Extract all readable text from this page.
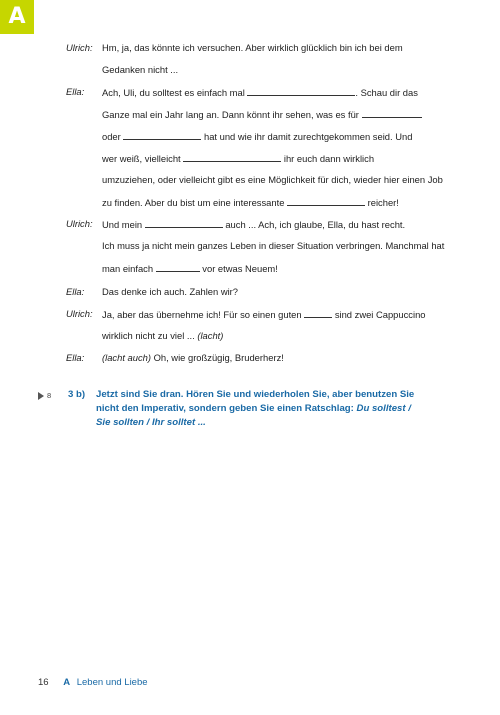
A
Ulrich:	Hm, ja, das könnte ich versuchen. Aber wirklich glücklich bin ich bei dem
Gedanken nicht ...
Ella:	Ach, Uli, du solltest es einfach mal	. Schau dir das
Ganze mal ein Jahr lang an. Dann könnt ihr sehen, was es für
oder	hat und wie ihr damit zurechtgekommen seid. Und
wer weiß, vielleicht	ihr euch dann wirklich
umzuziehen, oder vielleicht gibt es eine Möglichkeit für dich, wieder hier einen Job
zu finden. Aber du bist um eine interessante	reicher!
Ulrich:	Und mein	auch ... Ach, ich glaube, Ella, du hast recht.
Ich muss ja nicht mein ganzes Leben in dieser Situation verbringen. Manchmal hat
man einfach	vor etwas Neuem!
Ella:	Das denke ich auch. Zahlen wir?
Ulrich:	Ja, aber das übernehme ich! Für so einen guten	sind zwei Cappuccino
wirklich nicht zu viel ... (lacht)
Ella:	(lacht auch) Oh, wie großzügig, Bruderherz!
8 3 b) Jetzt sind Sie dran. Hören Sie und wiederholen Sie, aber benutzen Sie nicht den Imperativ, sondern geben Sie einen Ratschlag: Du solltest / Sie sollten / Ihr solltet ...
16 A Leben und Liebe
